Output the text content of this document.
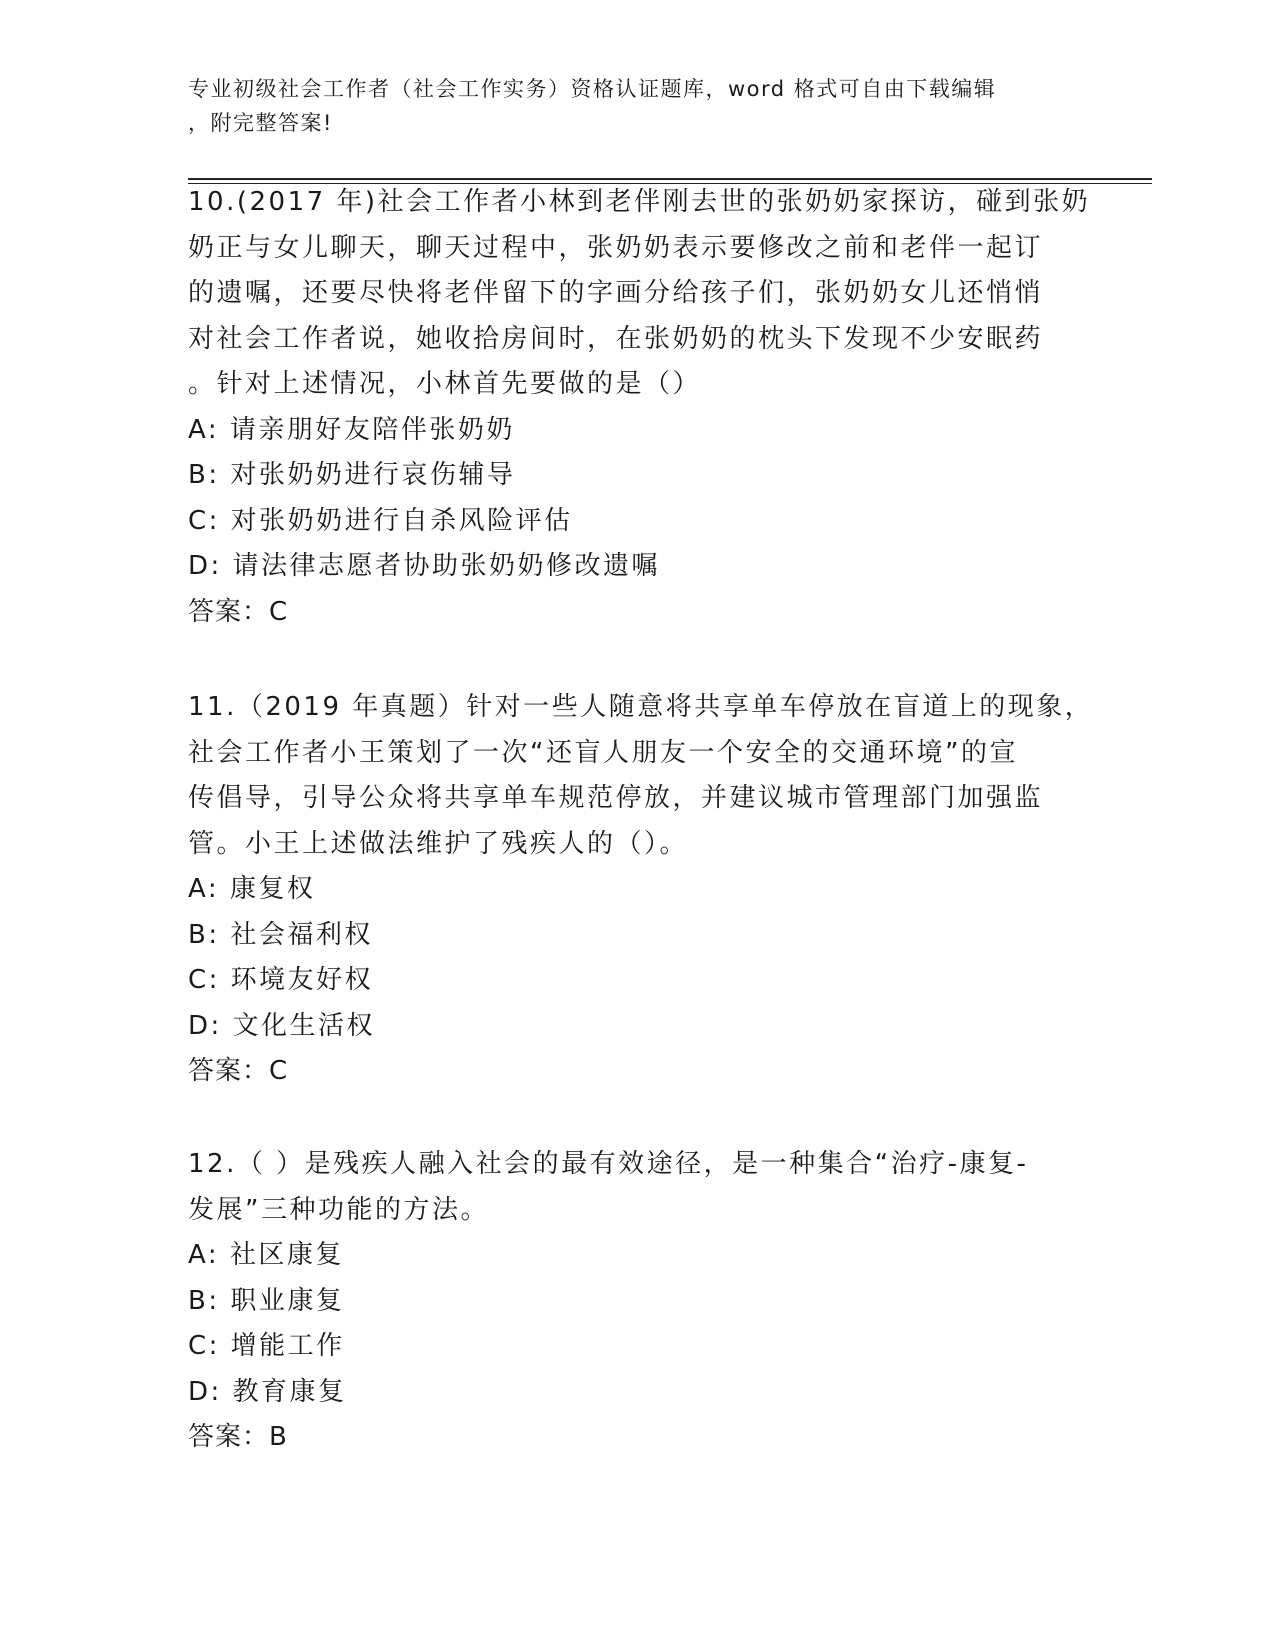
专业初级社会工作者（社会工作实务）资格认证题库，word 格式可自由下载编辑
，附完整答案!
10.(2017 年)社会工作者小林到老伴刚去世的张奶奶家探访，碰到张奶
奶正与女儿聊天，聊天过程中，张奶奶表示要修改之前和老伴一起订
的遗嘱，还要尽快将老伴留下的字画分给孩子们，张奶奶女儿还悄悄
对社会工作者说，她收拾房间时，在张奶奶的枕头下发现不少安眠药
。针对上述情况，小林首先要做的是（）
A: 请亲朋好友陪伴张奶奶
B: 对张奶奶进行哀伤辅导
C: 对张奶奶进行自杀风险评估
D: 请法律志愿者协助张奶奶修改遗嘱
答案：C
11.（2019 年真题）针对一些人随意将共享单车停放在盲道上的现象，
社会工作者小王策划了一次“还盲人朋友一个安全的交通环境”的宣
传倡导，引导公众将共享单车规范停放，并建议城市管理部门加强监
管。小王上述做法维护了残疾人的（）。
A: 康复权
B: 社会福利权
C: 环境友好权
D: 文化生活权
答案：C
12.（ ）是残疾人融入社会的最有效途径，是一种集合“治疗-康复-
发展”三种功能的方法。
A: 社区康复
B: 职业康复
C: 增能工作
D: 教育康复
答案：B
